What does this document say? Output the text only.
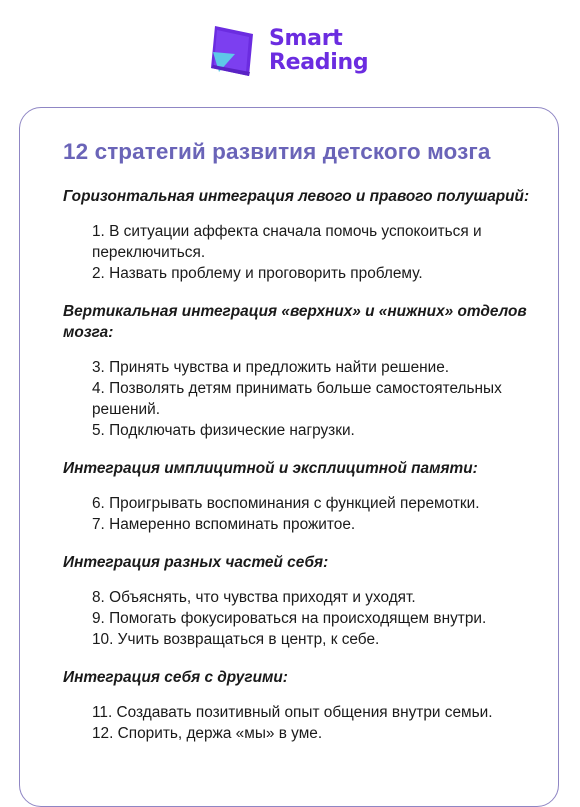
Smart
Reading
12 стратегий развития детского мозга

Горизонтальная интеграция левого и правого полушарий:

1. В ситуации аффекта сначала помочь успокоиться и переключиться.
2. Назвать проблему и проговорить проблему.

Вертикальная интеграция «верхних» и «нижних» отделов мозга:

3. Принять чувства и предложить найти решение.
4. Позволять детям принимать больше самостоятельных решений.
5. Подключать физические нагрузки.

Интеграция имплицитной и эксплицитной памяти:

6. Проигрывать воспоминания с функцией перемотки.
7. Намеренно вспоминать прожитое.

Интеграция разных частей себя:

8. Объяснять, что чувства приходят и уходят.
9. Помогать фокусироваться на происходящем внутри.
10. Учить возвращаться в центр, к себе.

Интеграция себя с другими:

11. Создавать позитивный опыт общения внутри семьи.
12. Спорить, держа «мы» в уме.
